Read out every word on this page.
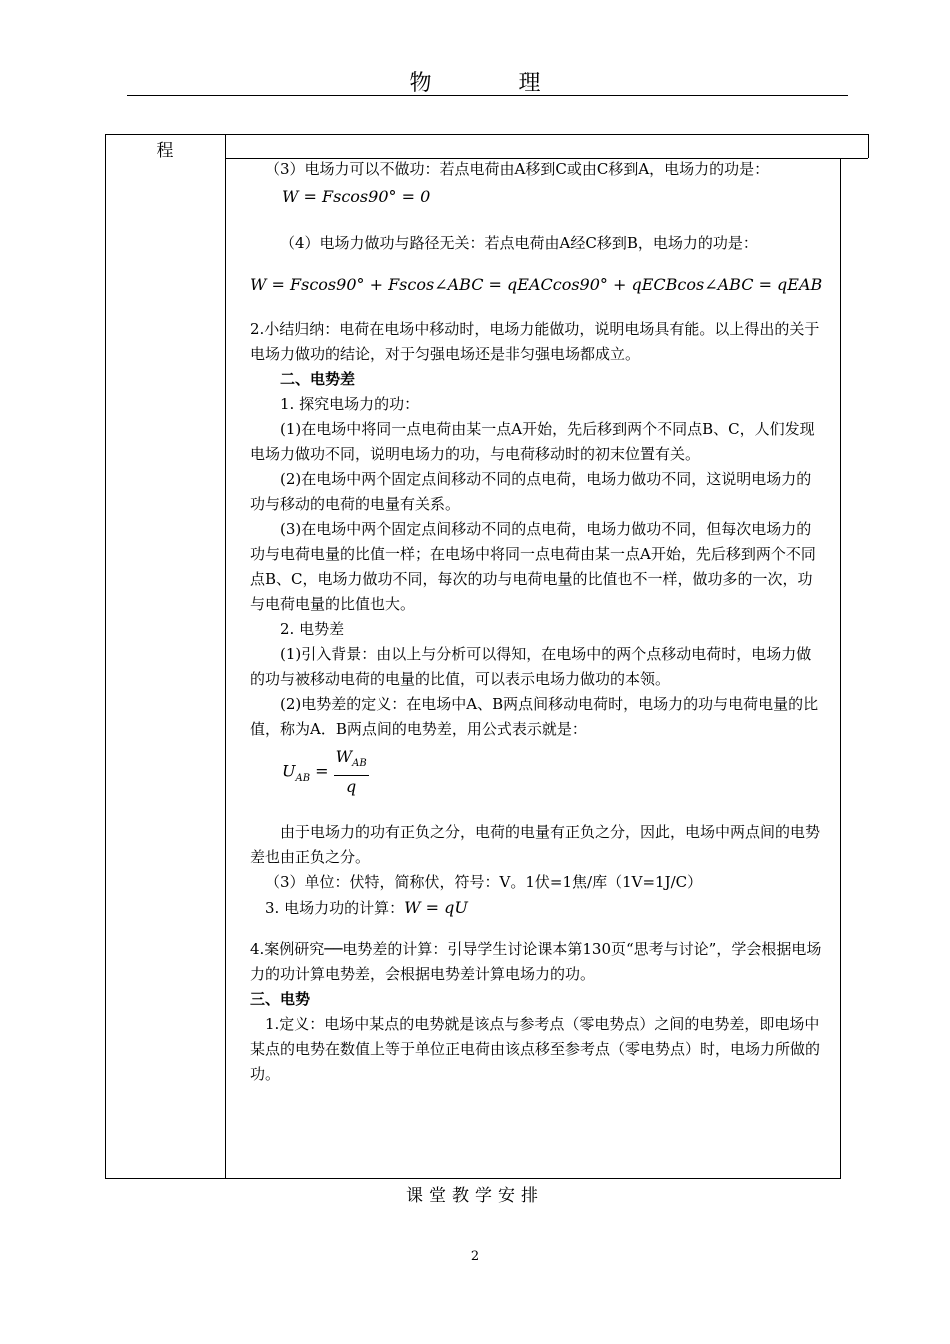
物 理
程

（3）电场力可以不做功：若点电荷由A移到C或由C移到A，电场力的功是：

W = Fscos90° = 0

（4）电场力做功与路径无关：若点电荷由A经C移到B，电场力的功是：

W = Fscos90° + Fscos∠ABC = qEACcos90° + qECBcos∠ABC = qEAB

2.小结归纳：电荷在电场中移动时，电场力能做功，说明电场具有能。以上得出的关于电场力做功的结论，对于匀强电场还是非匀强电场都成立。

二、电势差

1. 探究电场力的功：

(1)在电场中将同一点电荷由某一点A开始，先后移到两个不同点B、C，人们发现电场力做功不同，说明电场力的功，与电荷移动时的初末位置有关。

(2)在电场中两个固定点间移动不同的点电荷，电场力做功不同，这说明电场力的功与移动的电荷的电量有关系。

(3)在电场中两个固定点间移动不同的点电荷，电场力做功不同，但每次电场力的功与电荷电量的比值一样；在电场中将同一点电荷由某一点A开始，先后移到两个不同点B、C，电场力做功不同，每次的功与电荷电量的比值也不一样，做功多的一次，功与电荷电量的比值也大。

2. 电势差

(1)引入背景：由以上与分析可以得知，在电场中的两个点移动电荷时，电场力做的功与被移动电荷的电量的比值，可以表示电场力做功的本领。

(2)电势差的定义：在电场中A、B两点间移动电荷时，电场力的功与电荷电量的比值，称为A．B两点间的电势差，用公式表示就是：

$U_{AB} = \frac{W_{AB}}{q}$

由于电场力的功有正负之分，电荷的电量有正负之分，因此，电场中两点间的电势差也由正负之分。

（3）单位：伏特，简称伏，符号：V。1伏=1焦/库（1V=1J/C）

3. 电场力功的计算：W = qU

4.案例研究──电势差的计算：引导学生讨论课本第130页“思考与讨论”，学会根据电场力的功计算电势差，会根据电势差计算电场力的功。

三、电势

1.定义：电场中某点的电势就是该点与参考点（零电势点）之间的电势差，即电场中某点的电势在数值上等于单位正电荷由该点移至参考点（零电势点）时，电场力所做的功。

课堂教学安排
2
